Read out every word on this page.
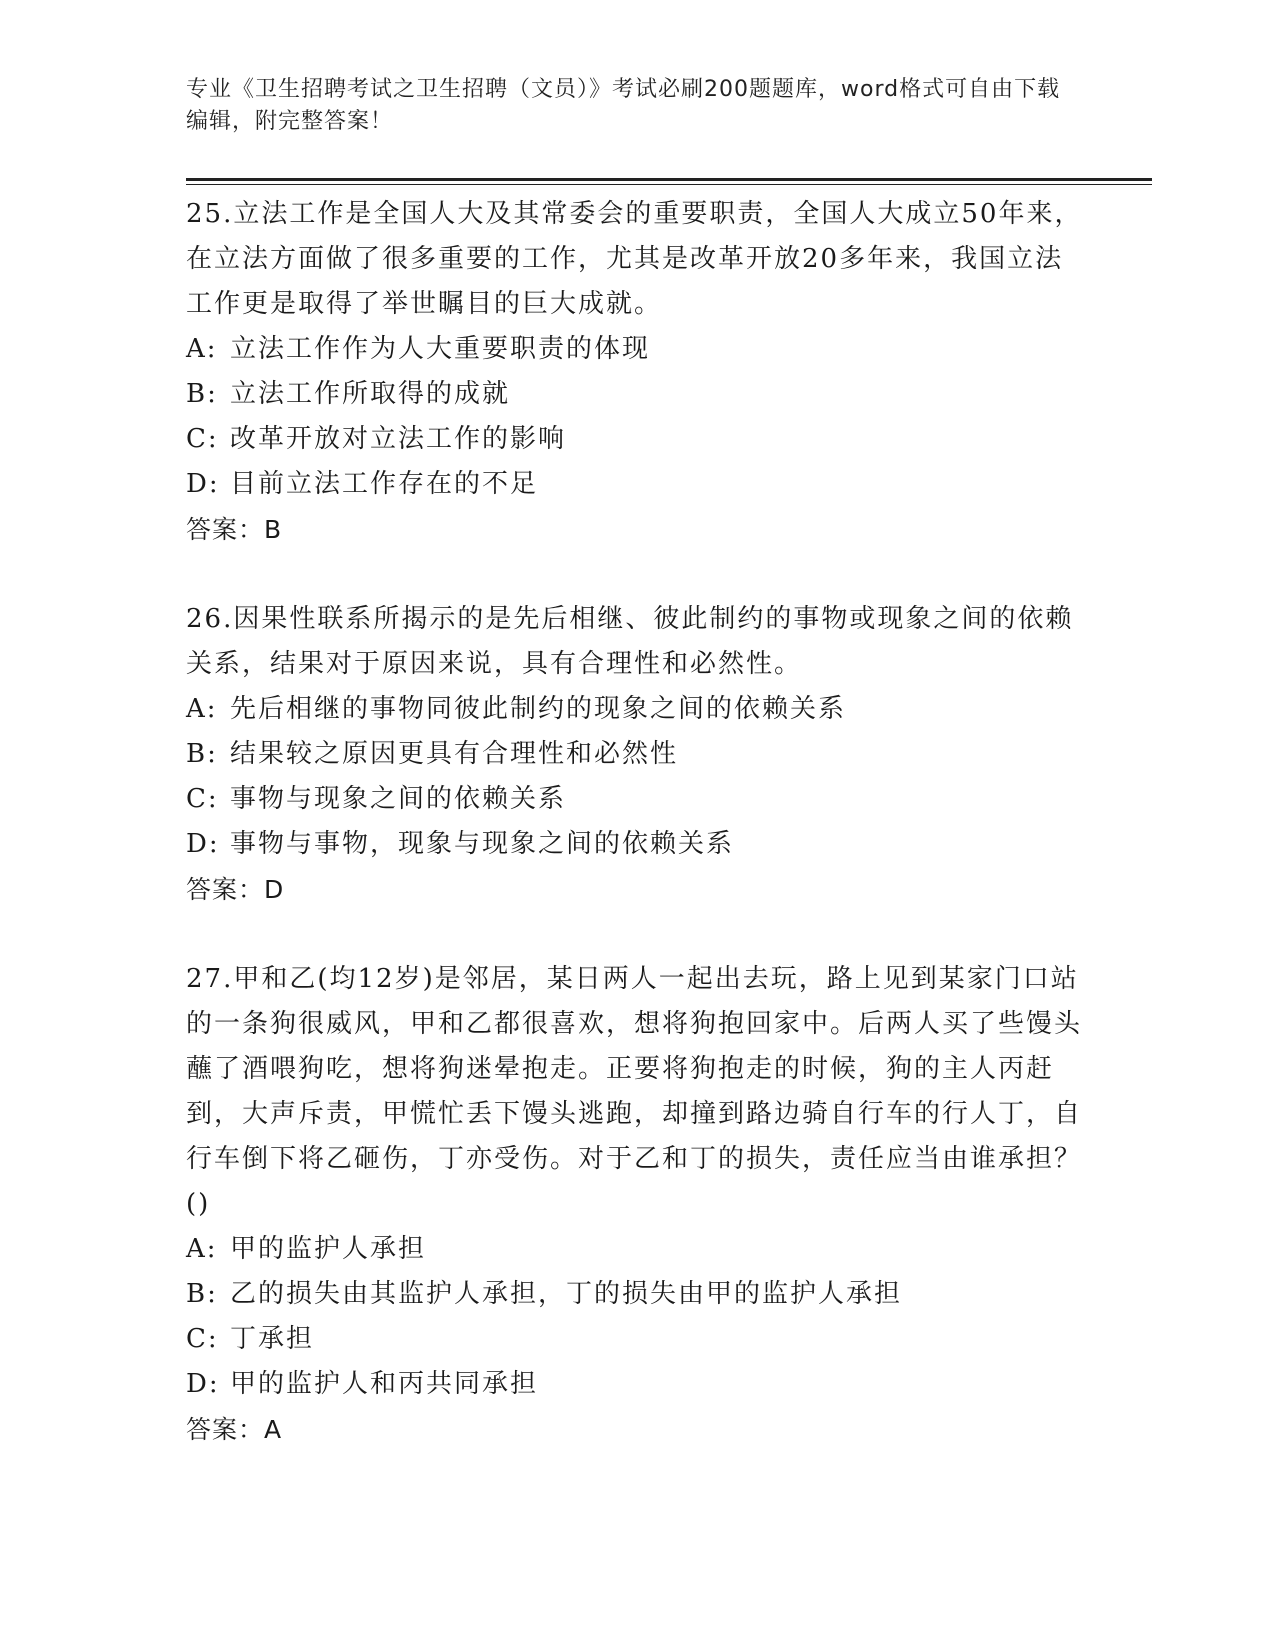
专业《卫生招聘考试之卫生招聘（文员）》考试必刷200题题库，word格式可自由下载编辑，附完整答案！

25.立法工作是全国人大及其常委会的重要职责，全国人大成立50年来，在立法方面做了很多重要的工作，尤其是改革开放20多年来，我国立法工作更是取得了举世瞩目的巨大成就。

A: 立法工作作为人大重要职责的体现

B: 立法工作所取得的成就

C: 改革开放对立法工作的影响

D: 目前立法工作存在的不足

答案：B

26.因果性联系所揭示的是先后相继、彼此制约的事物或现象之间的依赖关系，结果对于原因来说，具有合理性和必然性。

A: 先后相继的事物同彼此制约的现象之间的依赖关系

B: 结果较之原因更具有合理性和必然性

C: 事物与现象之间的依赖关系

D: 事物与事物，现象与现象之间的依赖关系

答案：D

27.甲和乙(均12岁)是邻居，某日两人一起出去玩，路上见到某家门口站的一条狗很威风，甲和乙都很喜欢，想将狗抱回家中。后两人买了些馒头蘸了酒喂狗吃，想将狗迷晕抱走。正要将狗抱走的时候，狗的主人丙赶到，大声斥责，甲慌忙丢下馒头逃跑，却撞到路边骑自行车的行人丁，自行车倒下将乙砸伤，丁亦受伤。对于乙和丁的损失，责任应当由谁承担？()

A: 甲的监护人承担

B: 乙的损失由其监护人承担，丁的损失由甲的监护人承担

C: 丁承担

D: 甲的监护人和丙共同承担

答案：A
